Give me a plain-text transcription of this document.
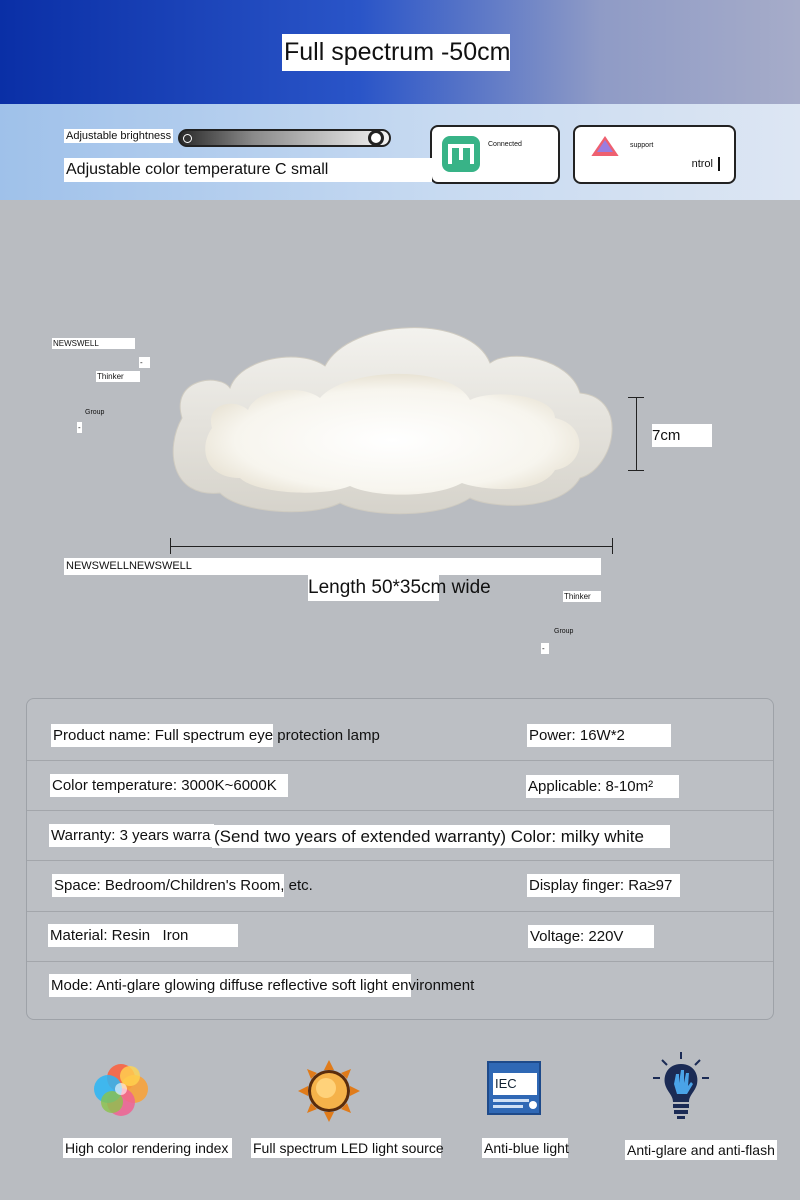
Full spectrum -50cm
Adjustable brightness
Connected	support
ntrol
Adjustable color temperature C small
NEWSWELL
-
Thinker
Group
-	7cm
NEWSWELLNEWSWELL
Length 50*35cm wide	Thinker
Group
-
Product name: Full spectrum eye protection lamp	Power: 16W*2
Color temperature: 3000K~6000K	Applicable: 8-10m²
Warranty: 3 years warra (Send two years of extended warranty) Color: milky white
Space: Bedroom/Children's Room, etc.	Display finger: Ra≥97
Material: Resin   Iron	Voltage: 220V
Mode: Anti-glare glowing diffuse reflective soft light environment
High color rendering index Full spectrum LED light source
IEC
Anti-blue light	Anti-glare and anti-flash
